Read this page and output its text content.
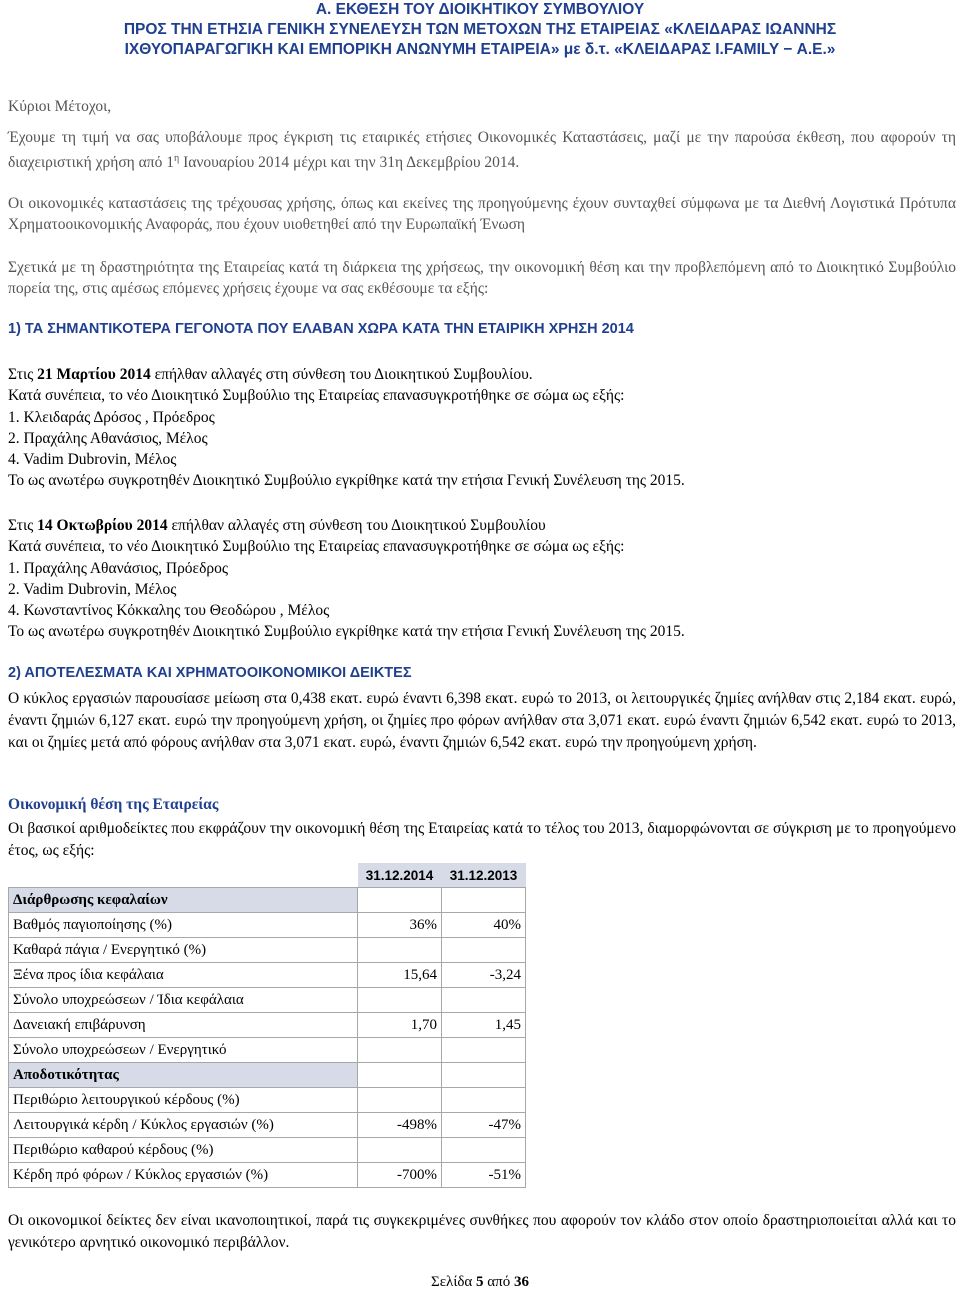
A. ΕΚΘΕΣΗ ΤΟΥ ΔΙΟΙΚΗΤΙΚΟΥ ΣΥΜΒΟΥΛΙΟΥ
ΠΡΟΣ ΤΗΝ ΕΤΗΣΙΑ ΓΕΝΙΚΗ ΣΥΝΕΛΕΥΣΗ ΤΩΝ ΜΕΤΟΧΩΝ ΤΗΣ ΕΤΑΙΡΕΙΑΣ «ΚΛΕΙΔΑΡΑΣ ΙΩΑΝΝΗΣ
ΙΧΘΥΟΠΑΡΑΓΩΓΙΚΗ ΚΑΙ ΕΜΠΟΡΙΚΗ ΑΝΩΝΥΜΗ ΕΤΑΙΡΕΙΑ» με δ.τ. «ΚΛΕΙΔΑΡΑΣ I.FAMILY − Α.Ε.»

Κύριοι Μέτοχοι,

Έχουμε τη τιμή να σας υποβάλουμε προς έγκριση τις εταιρικές ετήσιες Οικονομικές Καταστάσεις, μαζί με την παρούσα έκθεση, που αφορούν τη διαχειριστική χρήση από $1^\eta$ Ιανουαρίου 2014 μέχρι και την 31η Δεκεμβρίου 2014.

Οι οικονομικές καταστάσεις της τρέχουσας χρήσης, όπως και εκείνες της προηγούμενης έχουν συνταχθεί σύμφωνα με τα Διεθνή Λογιστικά Πρότυπα Χρηματοοικονομικής Αναφοράς, που έχουν υιοθετηθεί από την Ευρωπαϊκή Ένωση

Σχετικά με τη δραστηριότητα της Εταιρείας κατά τη διάρκεια της χρήσεως, την οικονομική θέση και την προβλεπόμενη από το Διοικητικό Συμβούλιο πορεία της, στις αμέσως επόμενες χρήσεις έχουμε να σας εκθέσουμε τα εξής:

1) ΤΑ ΣΗΜΑΝΤΙΚΟΤΕΡΑ ΓΕΓΟΝΟΤΑ ΠΟΥ ΕΛΑΒΑΝ ΧΩΡΑ ΚΑΤΑ ΤΗΝ ΕΤΑΙΡΙΚΗ ΧΡΗΣΗ 2014

Στις 21 Μαρτίου 2014 επήλθαν αλλαγές στη σύνθεση του Διοικητικού Συμβουλίου.

Κατά συνέπεια, το νέο Διοικητικό Συμβούλιο της Εταιρείας επανασυγκροτήθηκε σε σώμα ως εξής:

1. Κλειδαράς Δρόσος , Πρόεδρος

2. Πραχάλης Αθανάσιος, Μέλος

4. Vadim Dubrovin, Μέλος

Το ως ανωτέρω συγκροτηθέν Διοικητικό Συμβούλιο εγκρίθηκε κατά την ετήσια Γενική Συνέλευση της 2015.

Στις 14 Οκτωβρίου 2014 επήλθαν αλλαγές στη σύνθεση του Διοικητικού Συμβουλίου

Κατά συνέπεια, το νέο Διοικητικό Συμβούλιο της Εταιρείας επανασυγκροτήθηκε σε σώμα ως εξής:

1. Πραχάλης Αθανάσιος, Πρόεδρος

2. Vadim Dubrovin, Μέλος

4. Κωνσταντίνος Κόκκαλης του Θεοδώρου , Μέλος

Το ως ανωτέρω συγκροτηθέν Διοικητικό Συμβούλιο εγκρίθηκε κατά την ετήσια Γενική Συνέλευση της 2015.

2) ΑΠΟΤΕΛΕΣΜΑΤΑ ΚΑΙ ΧΡΗΜΑΤΟΟΙΚΟΝΟΜΙΚΟΙ ΔΕΙΚΤΕΣ
Ο κύκλος εργασιών παρουσίασε μείωση στα 0,438 εκατ. ευρώ έναντι 6,398 εκατ. ευρώ το 2013, οι λειτουργικές ζημίες ανήλθαν στις 2,184 εκατ. ευρώ, έναντι ζημιών 6,127 εκατ. ευρώ την προηγούμενη χρήση, οι ζημίες προ φόρων ανήλθαν στα 3,071 εκατ. ευρώ έναντι ζημιών 6,542 εκατ. ευρώ το 2013, και οι ζημίες μετά από φόρους ανήλθαν στα 3,071 εκατ. ευρώ, έναντι ζημιών 6,542 εκατ. ευρώ την προηγούμενη χρήση.
Οικονομική θέση της Εταιρείας
Οι βασικοί αριθμοδείκτες που εκφράζουν την οικονομική θέση της Εταιρείας κατά το τέλος του 2013, διαμορφώνονται σε σύγκριση με το προηγούμενο έτος, ως εξής:
	31.12.2014	31.12.2013
Διάρθρωσης κεφαλαίων		
Βαθμός παγιοποίησης (%)	36%	40%
Καθαρά πάγια / Ενεργητικό (%)		
Ξένα προς ίδια κεφάλαια	15,64	-3,24
Σύνολο υποχρεώσεων / Ίδια κεφάλαια		
Δανειακή επιβάρυνση	1,70	1,45
Σύνολο υποχρεώσεων / Ενεργητικό		
Αποδοτικότητας		
Περιθώριο λειτουργικού κέρδους (%)		
Λειτουργικά κέρδη / Κύκλος εργασιών (%)	-498%	-47%
Περιθώριο καθαρού κέρδους (%)		
Κέρδη πρό φόρων / Κύκλος εργασιών (%)	-700%	-51%
Οι οικονομικοί δείκτες δεν είναι ικανοποιητικοί, παρά τις συγκεκριμένες συνθήκες που αφορούν τον κλάδο στον οποίο δραστηριοποιείται αλλά και το γενικότερο αρνητικό οικονομικό περιβάλλον.
Σελίδα 5 από 36
